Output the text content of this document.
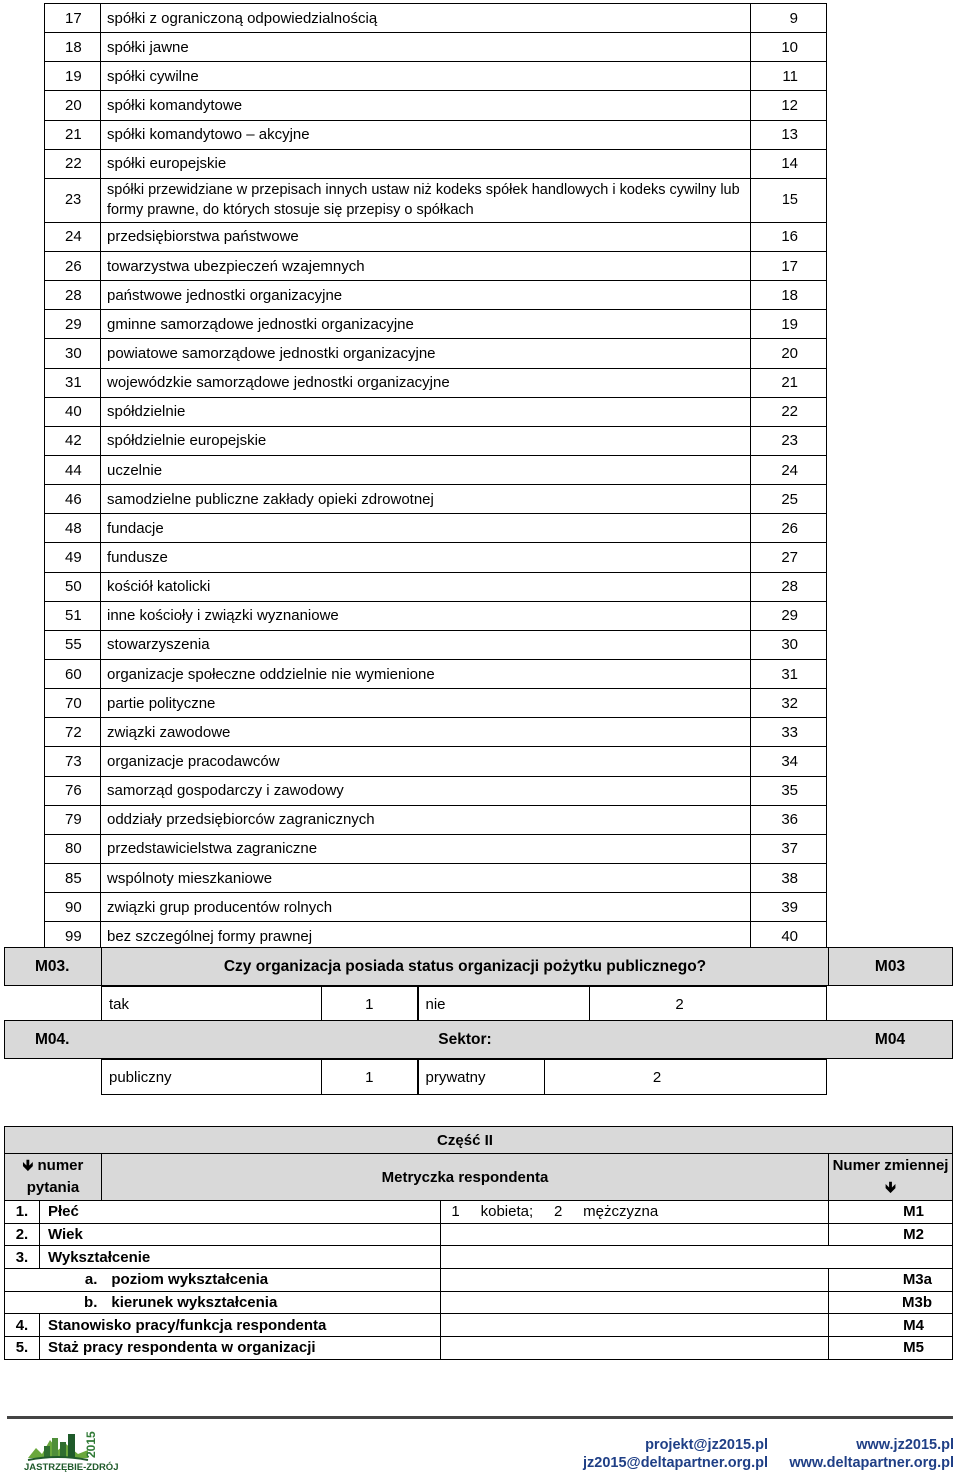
17	spółki z ograniczoną odpowiedzialnością	9
18	spółki jawne	10
19	spółki cywilne	11
20	spółki komandytowe	12
21	spółki komandytowo – akcyjne	13
22	spółki europejskie	14
23	spółki przewidziane w przepisach innych ustaw niż kodeks spółek handlowych i kodeks cywilny lub formy prawne, do których stosuje się przepisy o spółkach	15
24	przedsiębiorstwa państwowe	16
26	towarzystwa ubezpieczeń wzajemnych	17
28	państwowe jednostki organizacyjne	18
29	gminne samorządowe jednostki organizacyjne	19
30	powiatowe samorządowe jednostki organizacyjne	20
31	wojewódzkie samorządowe jednostki organizacyjne	21
40	spółdzielnie	22
42	spółdzielnie europejskie	23
44	uczelnie	24
46	samodzielne publiczne zakłady opieki zdrowotnej	25
48	fundacje	26
49	fundusze	27
50	kościół katolicki	28
51	inne kościoły i związki wyznaniowe	29
55	stowarzyszenia	30
60	organizacje społeczne oddzielnie nie wymienione	31
70	partie polityczne	32
72	związki zawodowe	33
73	organizacje pracodawców	34
76	samorząd gospodarczy i zawodowy	35
79	oddziały przedsiębiorców zagranicznych	36
80	przedstawicielstwa zagraniczne	37
85	wspólnoty mieszkaniowe	38
90	związki grup producentów rolnych	39
99	bez szczególnej formy prawnej	40
M03.	Czy organizacja posiada status organizacji pożytku publicznego?	M03
tak	1	nie	2
M04.	Sektor:	M04
publiczny	1	prywatny	2
		Część II		
🡻 numer pytania		Metryczka respondenta		Numer zmiennej 🡻
1.	Płeć		1     kobieta;     2     mężczyzna	M1
2.	Wiek			M2
3.	Wykształcenie			
	a.	poziom wykształcenia		M3a
	b.	kierunek wykształcenia		M3b
4.	Stanowisko pracy/funkcja respondenta			M4
5.	Staż pracy respondenta w organizacji			M5
JASTRZĘBIE-ZDRÓJ
2015	projekt@jz2015.pl
jz2015@deltapartner.org.pl
www.jz2015.pl
www.deltapartner.org.pl
